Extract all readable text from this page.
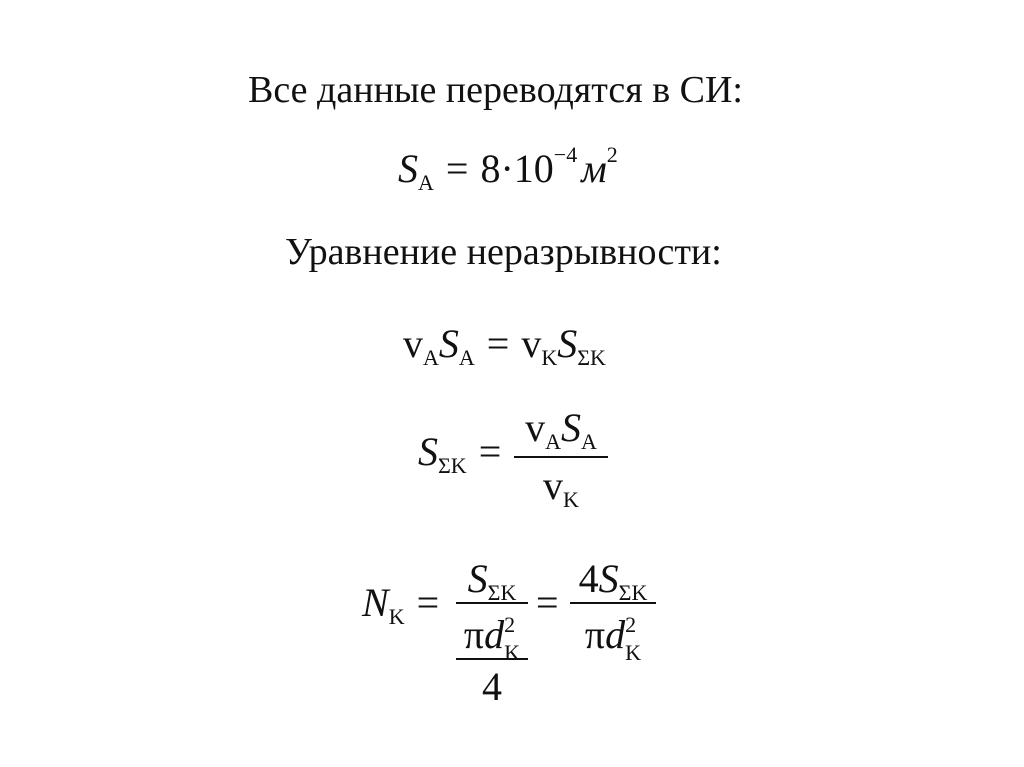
Все данные переводятся в СИ:
$S_A = 8\cdot 10^{-4}$ $м^2$
Уравнение неразрывности:
$v_AS_A = v_KS_{\Sigma K}$
$S_{\Sigma K}$ =
$v_AS_A$
$v_K$
$N_K$ =
$S_{\Sigma K}$
πd 2
K
4
=
$4S_{\Sigma K}$
πd 2
K
